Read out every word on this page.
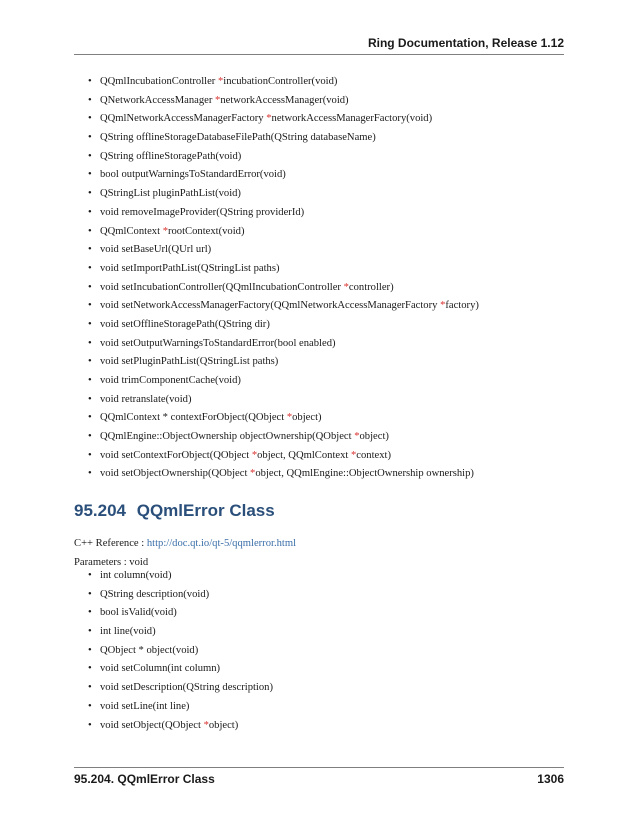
Ring Documentation, Release 1.12
• QQmlIncubationController *incubationController(void)
• QNetworkAccessManager *networkAccessManager(void)
• QQmlNetworkAccessManagerFactory *networkAccessManagerFactory(void)
• QString offlineStorageDatabaseFilePath(QString databaseName)
• QString offlineStoragePath(void)
• bool outputWarningsToStandardError(void)
• QStringList pluginPathList(void)
• void removeImageProvider(QString providerId)
• QQmlContext *rootContext(void)
• void setBaseUrl(QUrl url)
• void setImportPathList(QStringList paths)
• void setIncubationController(QQmlIncubationController *controller)
• void setNetworkAccessManagerFactory(QQmlNetworkAccessManagerFactory *factory)
• void setOfflineStoragePath(QString dir)
• void setOutputWarningsToStandardError(bool enabled)
• void setPluginPathList(QStringList paths)
• void trimComponentCache(void)
• void retranslate(void)
• QQmlContext * contextForObject(QObject *object)
• QQmlEngine::ObjectOwnership objectOwnership(QObject *object)
• void setContextForObject(QObject *object, QQmlContext *context)
• void setObjectOwnership(QObject *object, QQmlEngine::ObjectOwnership ownership)
95.204 QQmlError Class
C++ Reference : http://doc.qt.io/qt-5/qqmlerror.html
Parameters : void
• int column(void)
• QString description(void)
• bool isValid(void)
• int line(void)
• QObject * object(void)
• void setColumn(int column)
• void setDescription(QString description)
• void setLine(int line)
• void setObject(QObject *object)
95.204. QQmlError Class	1306
